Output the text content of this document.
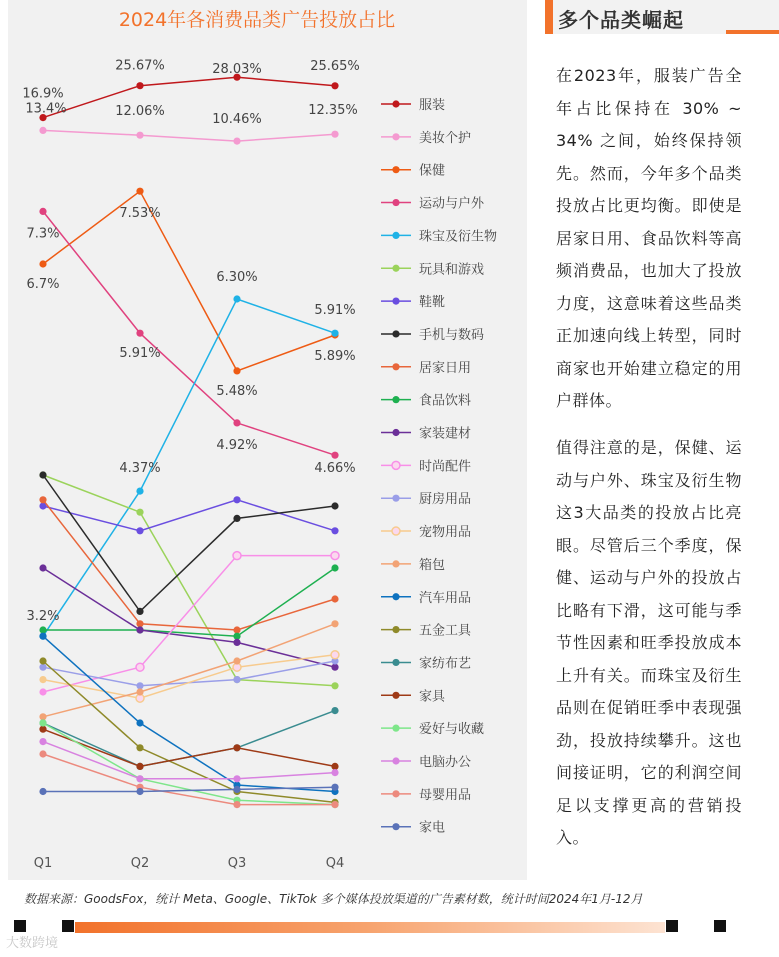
2024年各消费品类广告投放占比
Q1	Q2	Q3	Q4
16.9%
25.67%	28.03%	25.65%
13.4%	12.06%
10.46%
12.35%
6.7%
7.53%
5.48%
5.89%
7.3%
5.91%
4.92%
4.66%
3.2%
4.37%
6.30%
5.91%
服装
美妆个护
保健
运动与户外
珠宝及衍生物
玩具和游戏
鞋靴
手机与数码
居家日用
食品饮料
家装建材
时尚配件
厨房用品
宠物用品
箱包
汽车用品
五金工具
家纺布艺
家具
爱好与收藏
电脑办公
母婴用品
家电
多个品类崛起
在2023年，服装广告全年占比保持在 30% ~ 34% 之间，始终保持领先。然而，今年多个品类投放占比更均衡。即使是居家日用、食品饮料等高频消费品，也加大了投放力度，这意味着这些品类正加速向线上转型，同时商家也开始建立稳定的用户群体。
值得注意的是，保健、运动与户外、珠宝及衍生物这3大品类的投放占比亮眼。尽管后三个季度，保健、运动与户外的投放占比略有下滑，这可能与季节性因素和旺季投放成本上升有关。而珠宝及衍生品则在促销旺季中表现强劲，投放持续攀升。这也间接证明，它的利润空间足以支撑更高的营销投入。
数据来源：GoodsFox，统计 Meta、Google、TikTok 多个媒体投放渠道的广告素材数，统计时间2024年1月-12月
大数跨境
